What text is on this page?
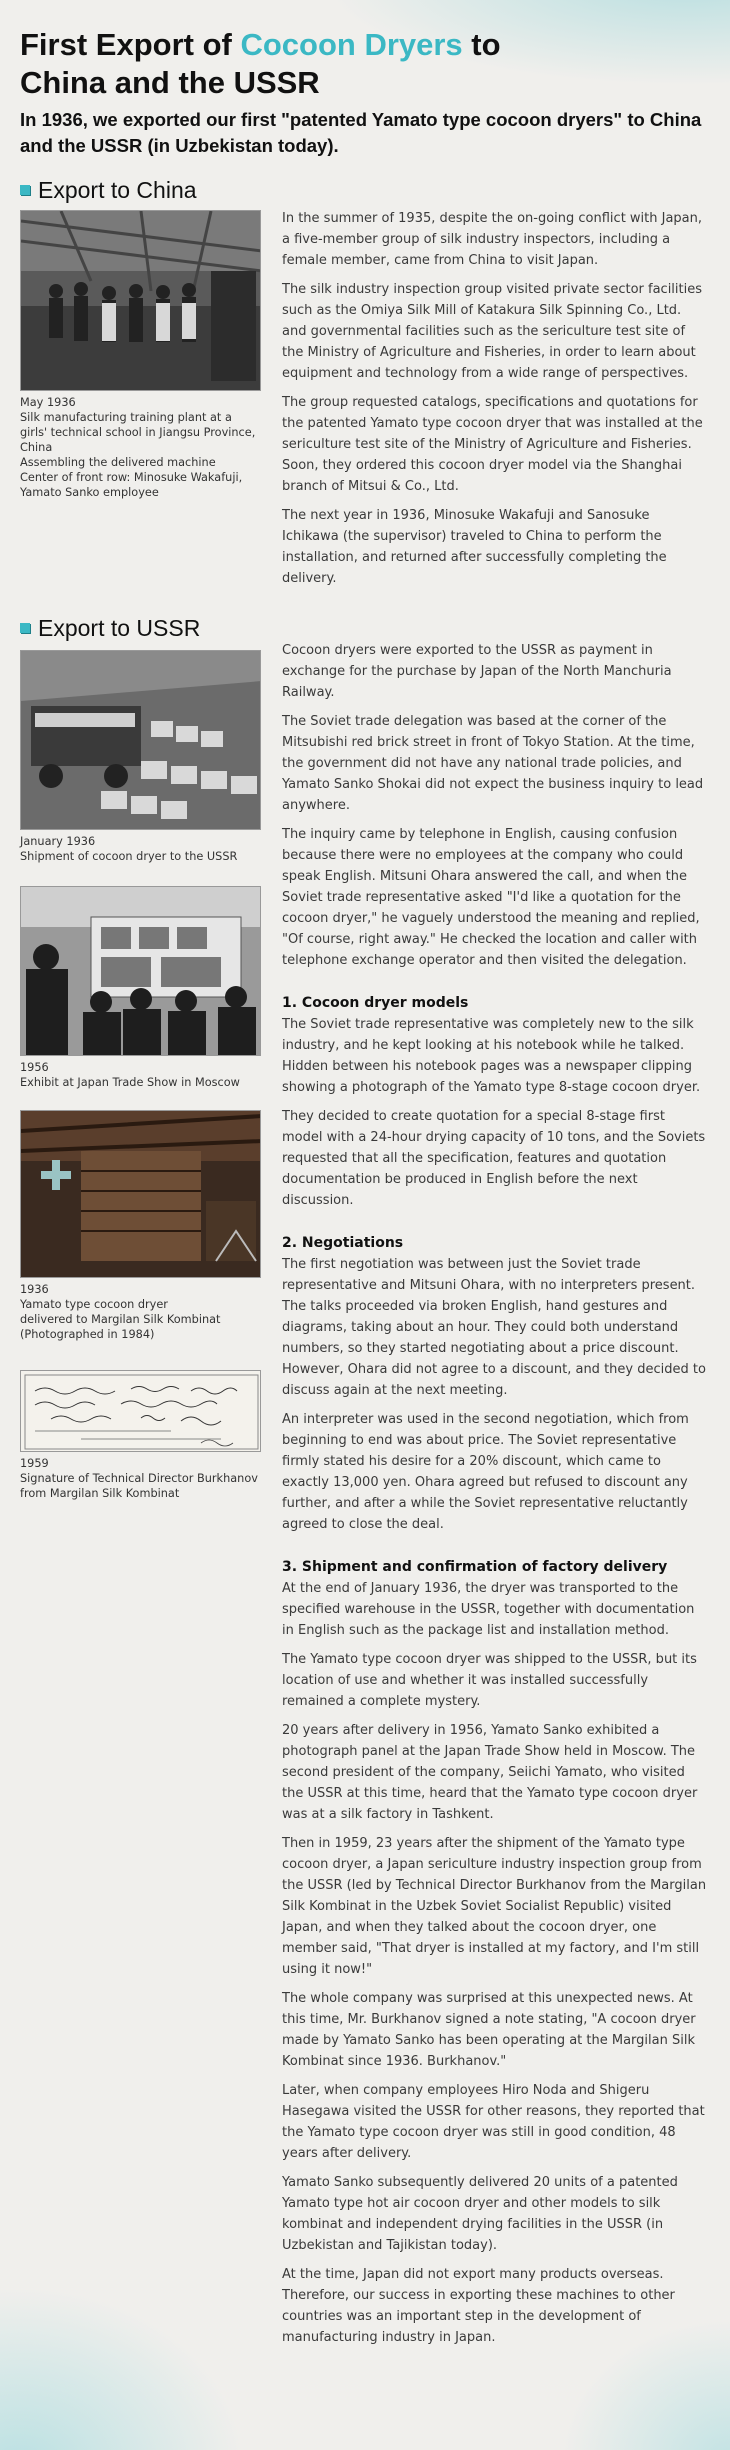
First Export of Cocoon Dryers to
China and the USSR

In 1936, we exported our first "patented Yamato type cocoon dryers" to China and the USSR (in Uzbekistan today).

Export to China
May 1936
Silk manufacturing training plant at a girls' technical school in Jiangsu Province, China
Assembling the delivered machine
Center of front row: Minosuke Wakafuji,
Yamato Sanko employee

In the summer of 1935, despite the on-going conflict with Japan, a five-member group of silk industry inspectors, including a female member, came from China to visit Japan.

The silk industry inspection group visited private sector facilities such as the Omiya Silk Mill of Katakura Silk Spinning Co., Ltd. and governmental facilities such as the sericulture test site of the Ministry of Agriculture and Fisheries, in order to learn about equipment and technology from a wide range of perspectives.

The group requested catalogs, specifications and quotations for the patented Yamato type cocoon dryer that was installed at the sericulture test site of the Ministry of Agriculture and Fisheries. Soon, they ordered this cocoon dryer model via the Shanghai branch of Mitsui & Co., Ltd.

The next year in 1936, Minosuke Wakafuji and Sanosuke Ichikawa (the supervisor) traveled to China to perform the installation, and returned after successfully completing the delivery.

Export to USSR
January 1936
Shipment of cocoon dryer to the USSR
1956
Exhibit at Japan Trade Show in Moscow
1936
Yamato type cocoon dryer
delivered to Margilan Silk Kombinat
(Photographed in 1984)
1959
Signature of Technical Director Burkhanov
from Margilan Silk Kombinat

Cocoon dryers were exported to the USSR as payment in exchange for the purchase by Japan of the North Manchuria Railway.

The Soviet trade delegation was based at the corner of the Mitsubishi red brick street in front of Tokyo Station. At the time, the government did not have any national trade policies, and Yamato Sanko Shokai did not expect the business inquiry to lead anywhere.

The inquiry came by telephone in English, causing confusion because there were no employees at the company who could speak English. Mitsuni Ohara answered the call, and when the Soviet trade representative asked "I'd like a quotation for the cocoon dryer," he vaguely understood the meaning and replied, "Of course, right away." He checked the location and caller with telephone exchange operator and then visited the delegation.

1. Cocoon dryer models

The Soviet trade representative was completely new to the silk industry, and he kept looking at his notebook while he talked. Hidden between his notebook pages was a newspaper clipping showing a photograph of the Yamato type 8-stage cocoon dryer.

They decided to create quotation for a special 8-stage first model with a 24-hour drying capacity of 10 tons, and the Soviets requested that all the specification, features and quotation documentation be produced in English before the next discussion.

2. Negotiations

The first negotiation was between just the Soviet trade representative and Mitsuni Ohara, with no interpreters present. The talks proceeded via broken English, hand gestures and diagrams, taking about an hour. They could both understand numbers, so they started negotiating about a price discount. However, Ohara did not agree to a discount, and they decided to discuss again at the next meeting.

An interpreter was used in the second negotiation, which from beginning to end was about price. The Soviet representative firmly stated his desire for a 20% discount, which came to exactly 13,000 yen. Ohara agreed but refused to discount any further, and after a while the Soviet representative reluctantly agreed to close the deal.

3. Shipment and confirmation of factory delivery

At the end of January 1936, the dryer was transported to the specified warehouse in the USSR, together with documentation in English such as the package list and installation method.

The Yamato type cocoon dryer was shipped to the USSR, but its location of use and whether it was installed successfully remained a complete mystery.

20 years after delivery in 1956, Yamato Sanko exhibited a photograph panel at the Japan Trade Show held in Moscow. The second president of the company, Seiichi Yamato, who visited the USSR at this time, heard that the Yamato type cocoon dryer was at a silk factory in Tashkent.

Then in 1959, 23 years after the shipment of the Yamato type cocoon dryer, a Japan sericulture industry inspection group from the USSR (led by Technical Director Burkhanov from the Margilan Silk Kombinat in the Uzbek Soviet Socialist Republic) visited Japan, and when they talked about the cocoon dryer, one member said, "That dryer is installed at my factory, and I'm still using it now!"

The whole company was surprised at this unexpected news. At this time, Mr. Burkhanov signed a note stating, "A cocoon dryer made by Yamato Sanko has been operating at the Margilan Silk Kombinat since 1936. Burkhanov."

Later, when company employees Hiro Noda and Shigeru Hasegawa visited the USSR for other reasons, they reported that the Yamato type cocoon dryer was still in good condition, 48 years after delivery.

Yamato Sanko subsequently delivered 20 units of a patented Yamato type hot air cocoon dryer and other models to silk kombinat and independent drying facilities in the USSR (in Uzbekistan and Tajikistan today).

At the time, Japan did not export many products overseas. Therefore, our success in exporting these machines to other countries was an important step in the development of manufacturing industry in Japan.
